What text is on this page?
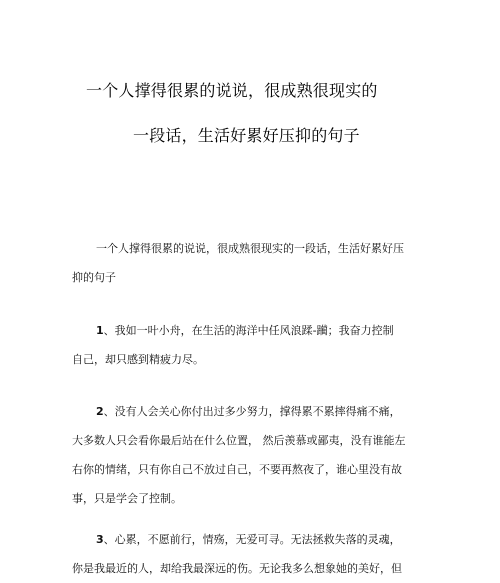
一个人撑得很累的说说，很成熟很现实的
一段话，生活好累好压抑的句子
一个人撑得很累的说说，很成熟很现实的一段话，生活好累好压
抑的句子
1、我如一叶小舟，在生活的海洋中任风浪蹂-躏；我奋力控制
自己，却只感到精疲力尽。
2、没有人会关心你付出过多少努力，撑得累不累摔得痛不痛，
大多数人只会看你最后站在什么位置， 然后羡慕或鄙夷，没有谁能左
右你的情绪，只有你自己不放过自己，不要再熬夜了，谁心里没有故
事，只是学会了控制。
3、心累，不愿前行，情殇，无爱可寻。无法拯救失落的灵魂，
你是我最近的人，却给我最深远的伤。无论我多么想象她的美好，但
